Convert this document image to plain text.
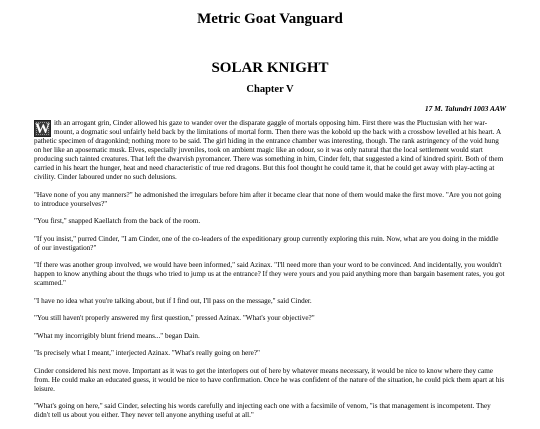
Metric Goat Vanguard
SOLAR KNIGHT
Chapter V
17 M. Talundri 1003 AAW

With an arrogant grin, Cinder allowed his gaze to wander over the disparate gaggle of mortals opposing him. First there was the Pluctusian with her war-mount, a dogmatic soul unfairly held back by the limitations of mortal form. Then there was the kobold up the back with a crossbow levelled at his heart. A pathetic specimen of dragonkind; nothing more to be said. The girl hiding in the entrance chamber was interesting, though. The rank astringency of the void hung on her like an aposematic musk. Elves, especially juveniles, took on ambient magic like an odour, so it was only natural that the local settlement would start producing such tainted creatures. That left the dwarvish pyromancer. There was something in him, Cinder felt, that suggested a kind of kindred spirit. Both of them carried in his heart the hunger, heat and need characteristic of true red dragons. But this fool thought he could tame it, that he could get away with play-acting at civility. Cinder laboured under no such delusions.

"Have none of you any manners?" he admonished the irregulars before him after it became clear that none of them would make the first move. "Are you not going to introduce yourselves?"

"You first," snapped Kaellatch from the back of the room.

"If you insist," purred Cinder, "I am Cinder, one of the co-leaders of the expeditionary group currently exploring this ruin. Now, what are you doing in the middle of our investigation?"

"If there was another group involved, we would have been informed," said Azinax. "I'll need more than your word to be convinced. And incidentally, you wouldn't happen to know anything about the thugs who tried to jump us at the entrance? If they were yours and you paid anything more than bargain basement rates, you got scammed."

"I have no idea what you're talking about, but if I find out, I'll pass on the message," said Cinder.

"You still haven't properly answered my first question," pressed Azinax. "What's your objective?"

"What my incorrigibly blunt friend means..." began Dain.

"Is precisely what I meant," interjected Azinax. "What's really going on here?"

Cinder considered his next move. Important as it was to get the interlopers out of here by whatever means necessary, it would be nice to know where they came from. He could make an educated guess, it would be nice to have confirmation. Once he was confident of the nature of the situation, he could pick them apart at his leisure.

"What's going on here," said Cinder, selecting his words carefully and injecting each one with a facsimile of venom, "is that management is incompetent. They didn't tell us about you either. They never tell anyone anything useful at all."
